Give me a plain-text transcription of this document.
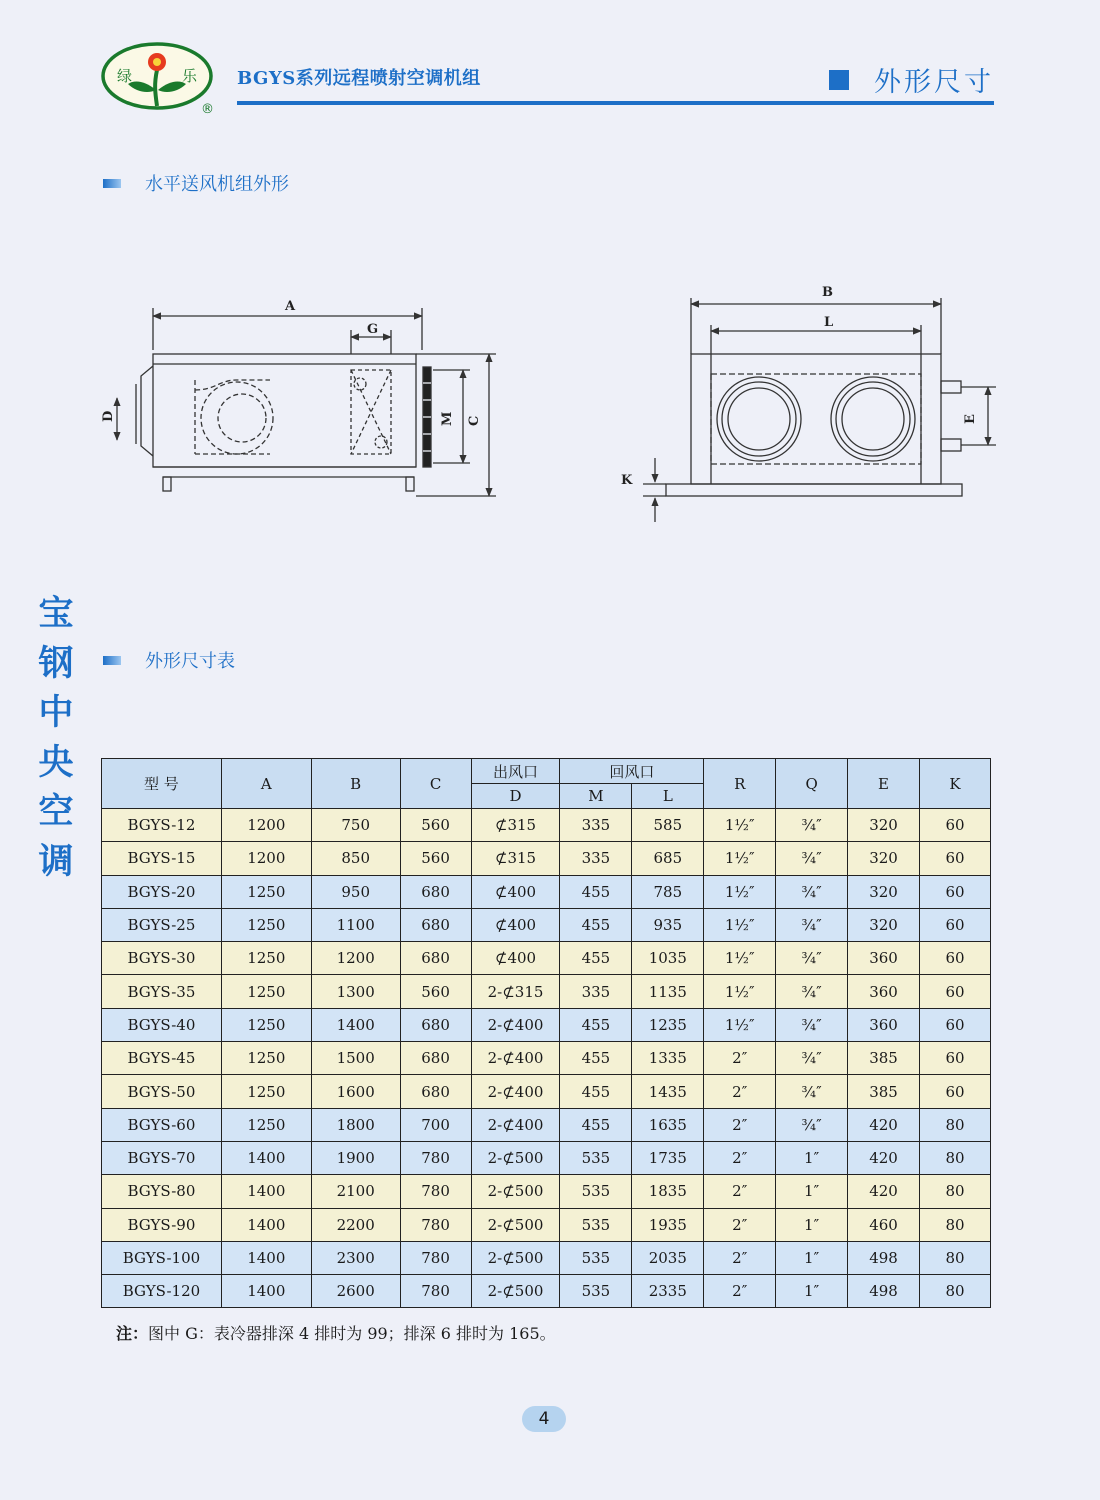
绿	乐
®
BGYS系列远程喷射空调机组	外形尺寸
水平送风机组外形
A
G
D	M C
B
L
E
K
宝
钢
中
央
空
调
外形尺寸表
型 号	A	B	C	出风口	回风口		R	Q	E	K
				D	M	L				
BGYS-12	1200	750	560	⊄315	335	585	1½″	¾″	320	60
BGYS-15	1200	850	560	⊄315	335	685	1½″	¾″	320	60
BGYS-20	1250	950	680	⊄400	455	785	1½″	¾″	320	60
BGYS-25	1250	1100	680	⊄400	455	935	1½″	¾″	320	60
BGYS-30	1250	1200	680	⊄400	455	1035	1½″	¾″	360	60
BGYS-35	1250	1300	560	2-⊄315	335	1135	1½″	¾″	360	60
BGYS-40	1250	1400	680	2-⊄400	455	1235	1½″	¾″	360	60
BGYS-45	1250	1500	680	2-⊄400	455	1335	2″	¾″	385	60
BGYS-50	1250	1600	680	2-⊄400	455	1435	2″	¾″	385	60
BGYS-60	1250	1800	700	2-⊄400	455	1635	2″	¾″	420	80
BGYS-70	1400	1900	780	2-⊄500	535	1735	2″	1″	420	80
BGYS-80	1400	2100	780	2-⊄500	535	1835	2″	1″	420	80
BGYS-90	1400	2200	780	2-⊄500	535	1935	2″	1″	460	80
BGYS-100	1400	2300	780	2-⊄500	535	2035	2″	1″	498	80
BGYS-120	1400	2600	780	2-⊄500	535	2335	2″	1″	498	80
注：图中 G：表冷器排深 4 排时为 99；排深 6 排时为 165。
4
